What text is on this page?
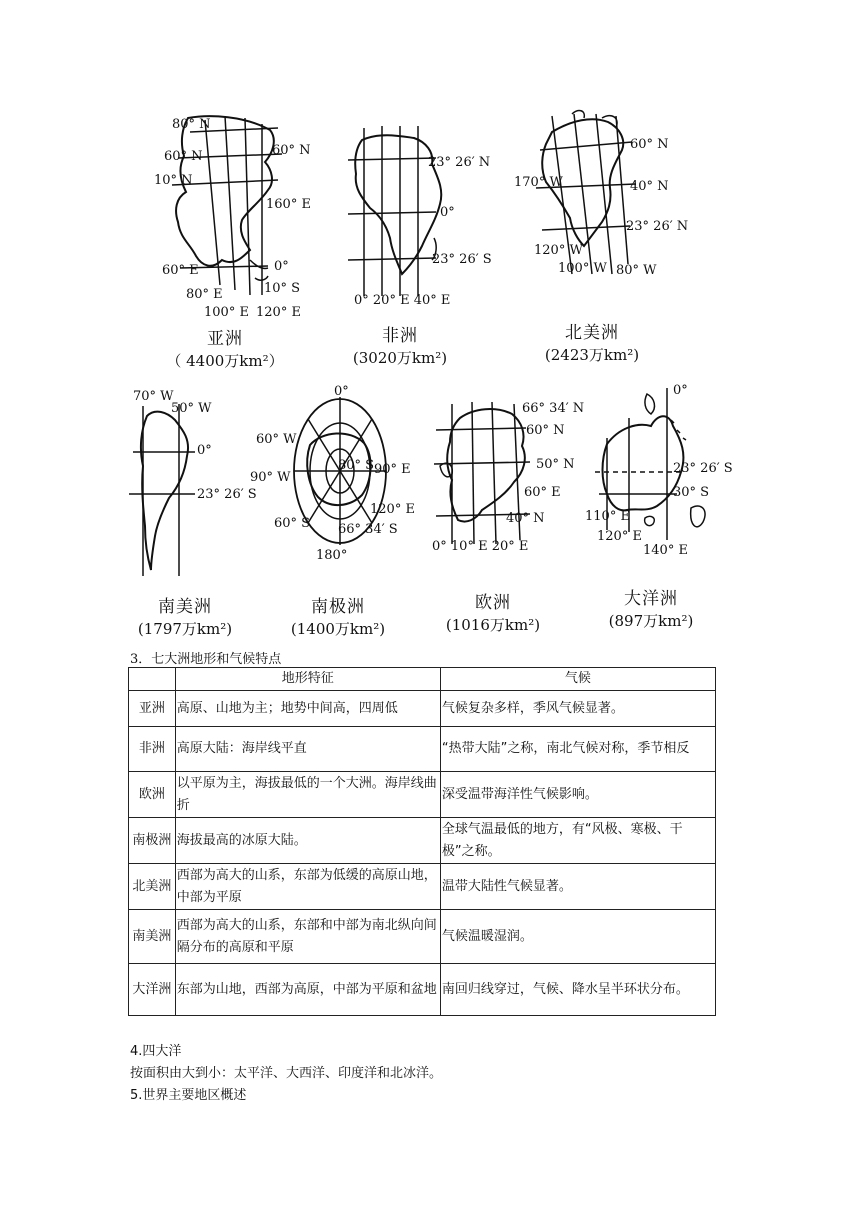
80° N
60° N
10° N
60° N
160° E
0°
60° E
80° E	10° S
100° E 120° E
亚洲
（ 4400万km²）
23° 26′ N
0°
23° 26′ S
0° 20° E 40° E
非洲
(3020万km²)
60° N
170° W	40° N
23° 26′ N
120° W
100° W 80° W
北美洲
(2423万km²)
70° W
50° W
0°
23° 26′ S
南美洲
(1797万km²)
0°
60° W
90° W
80° S 90° E
120° E
60° S 66° 34′ S
180°
南极洲
(1400万km²)
66° 34′ N
60° N
50° N
60° E
40° N
0° 10° E 20° E
欧洲
(1016万km²)
0°
23° 26′ S
30° S
110° E
120° E
140° E
大洋洲
(897万km²)
3．七大洲地形和气候特点
	地形特征	气候
亚洲	高原、山地为主；地势中间高，四周低	气候复杂多样，季风气候显著。
非洲	高原大陆：海岸线平直	“热带大陆”之称，南北气候对称，季节相反
欧洲	以平原为主，海拔最低的一个大洲。海岸线曲折	深受温带海洋性气候影响。
南极洲	海拔最高的冰原大陆。	全球气温最低的地方，有“风极、寒极、干极”之称。
北美洲	西部为高大的山系，东部为低缓的高原山地，中部为平原	温带大陆性气候显著。
南美洲	西部为高大的山系，东部和中部为南北纵向间隔分布的高原和平原	气候温暖湿润。
大洋洲	东部为山地，西部为高原，中部为平原和盆地	南回归线穿过，气候、降水呈半环状分布。
4.四大洋
按面积由大到小：太平洋、大西洋、印度洋和北冰洋。
5.世界主要地区概述
